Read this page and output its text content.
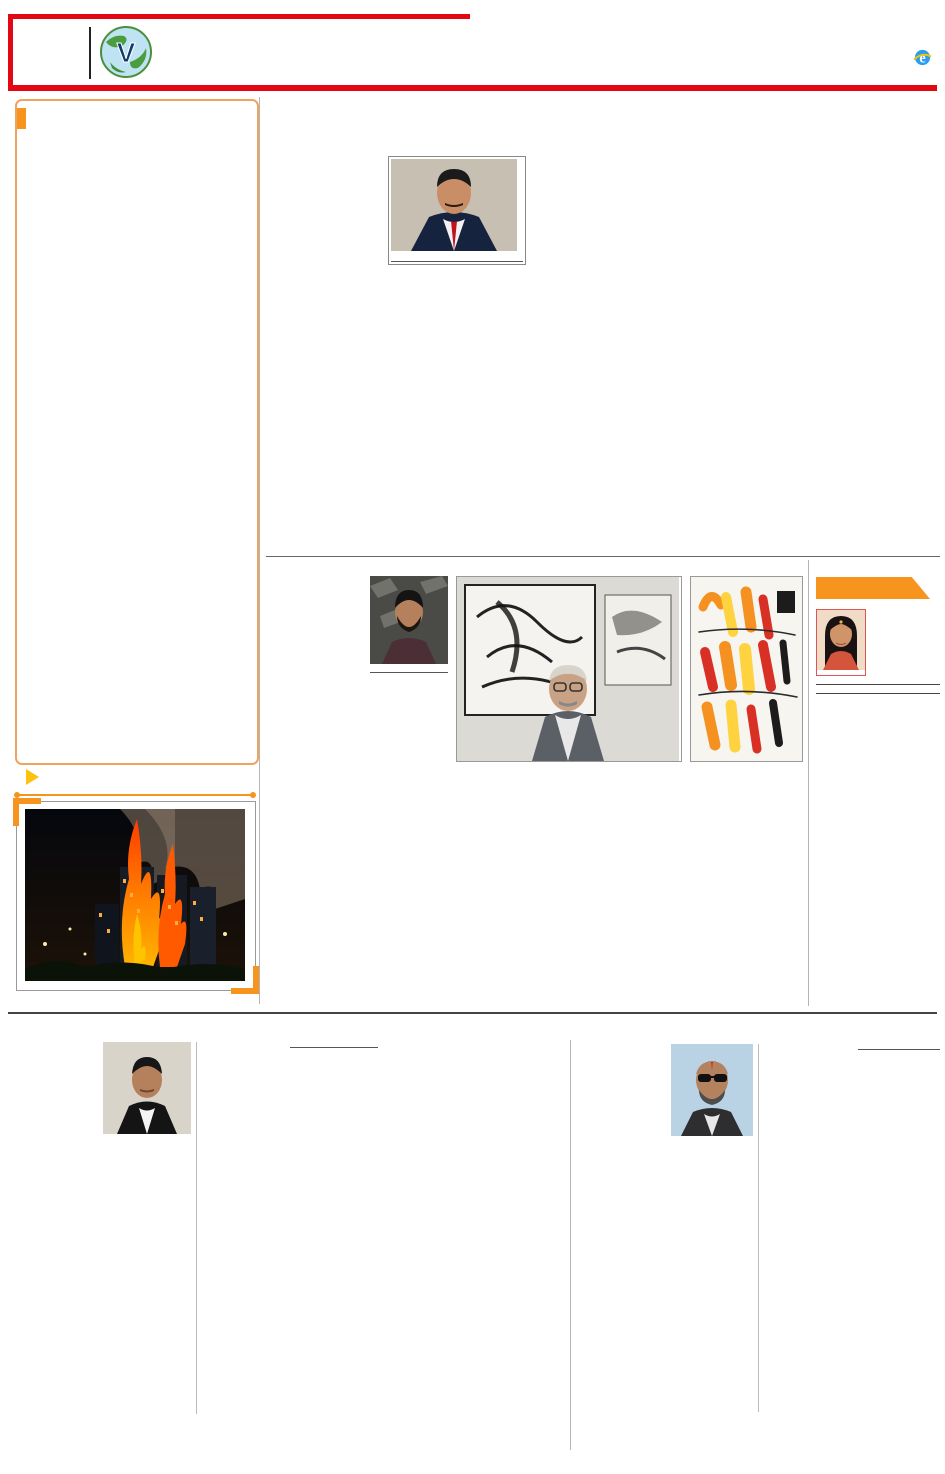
V	e
